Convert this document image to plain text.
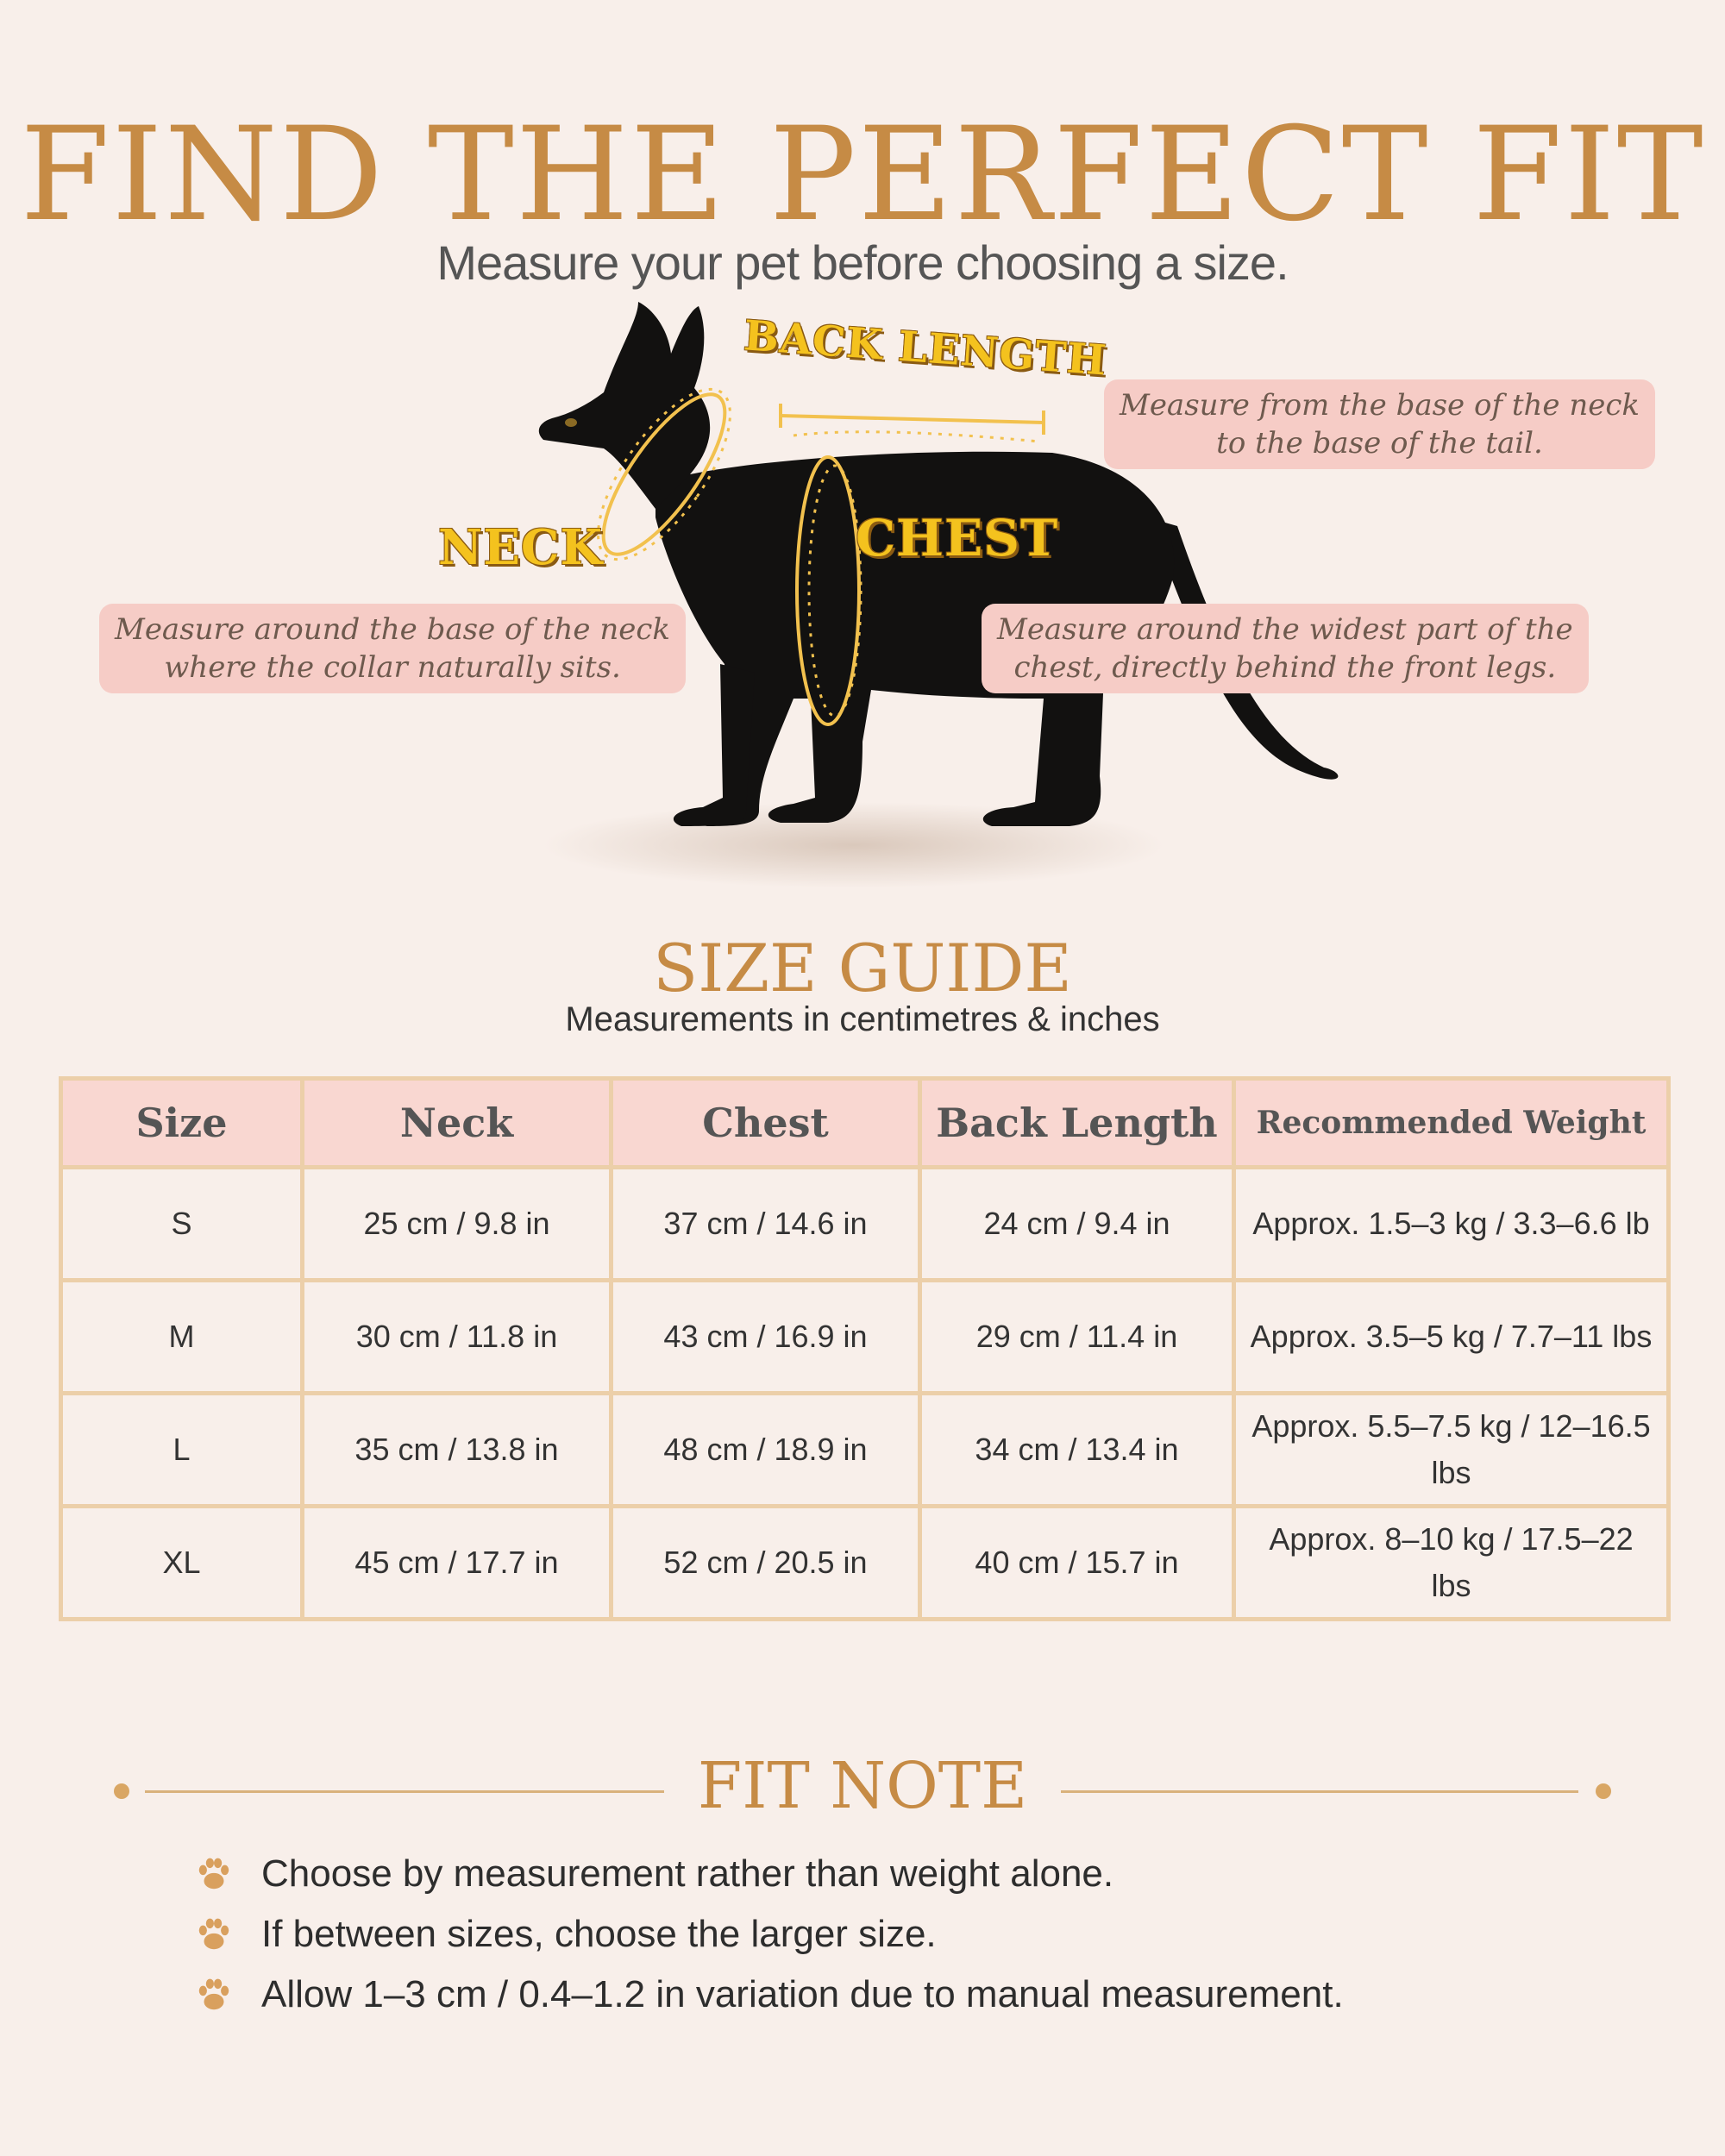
FIND THE PERFECT FIT
Measure your pet before choosing a size.
BACK LENGTH
Measure from the base of the neck
to the base of the tail.
NECK
Measure around the base of the neck
where the collar naturally sits.
CHEST
Measure around the widest part of the
chest, directly behind the front legs.
SIZE GUIDE
Measurements in centimetres & inches
Size	Neck	Chest	Back Length	Recommended Weight
S	25 cm / 9.8 in	37 cm / 14.6 in	24 cm / 9.4 in	Approx. 1.5–3 kg / 3.3–6.6 lb
M	30 cm / 11.8 in	43 cm / 16.9 in	29 cm / 11.4 in	Approx. 3.5–5 kg / 7.7–11 lbs
L	35 cm / 13.8 in	48 cm / 18.9 in	34 cm / 13.4 in	Approx. 5.5–7.5 kg / 12–16.5 lbs
XL	45 cm / 17.7 in	52 cm / 20.5 in	40 cm / 15.7 in	Approx. 8–10 kg / 17.5–22 lbs
FIT NOTE
Choose by measurement rather than weight alone.
If between sizes, choose the larger size.
Allow 1–3 cm / 0.4–1.2 in variation due to manual measurement.
